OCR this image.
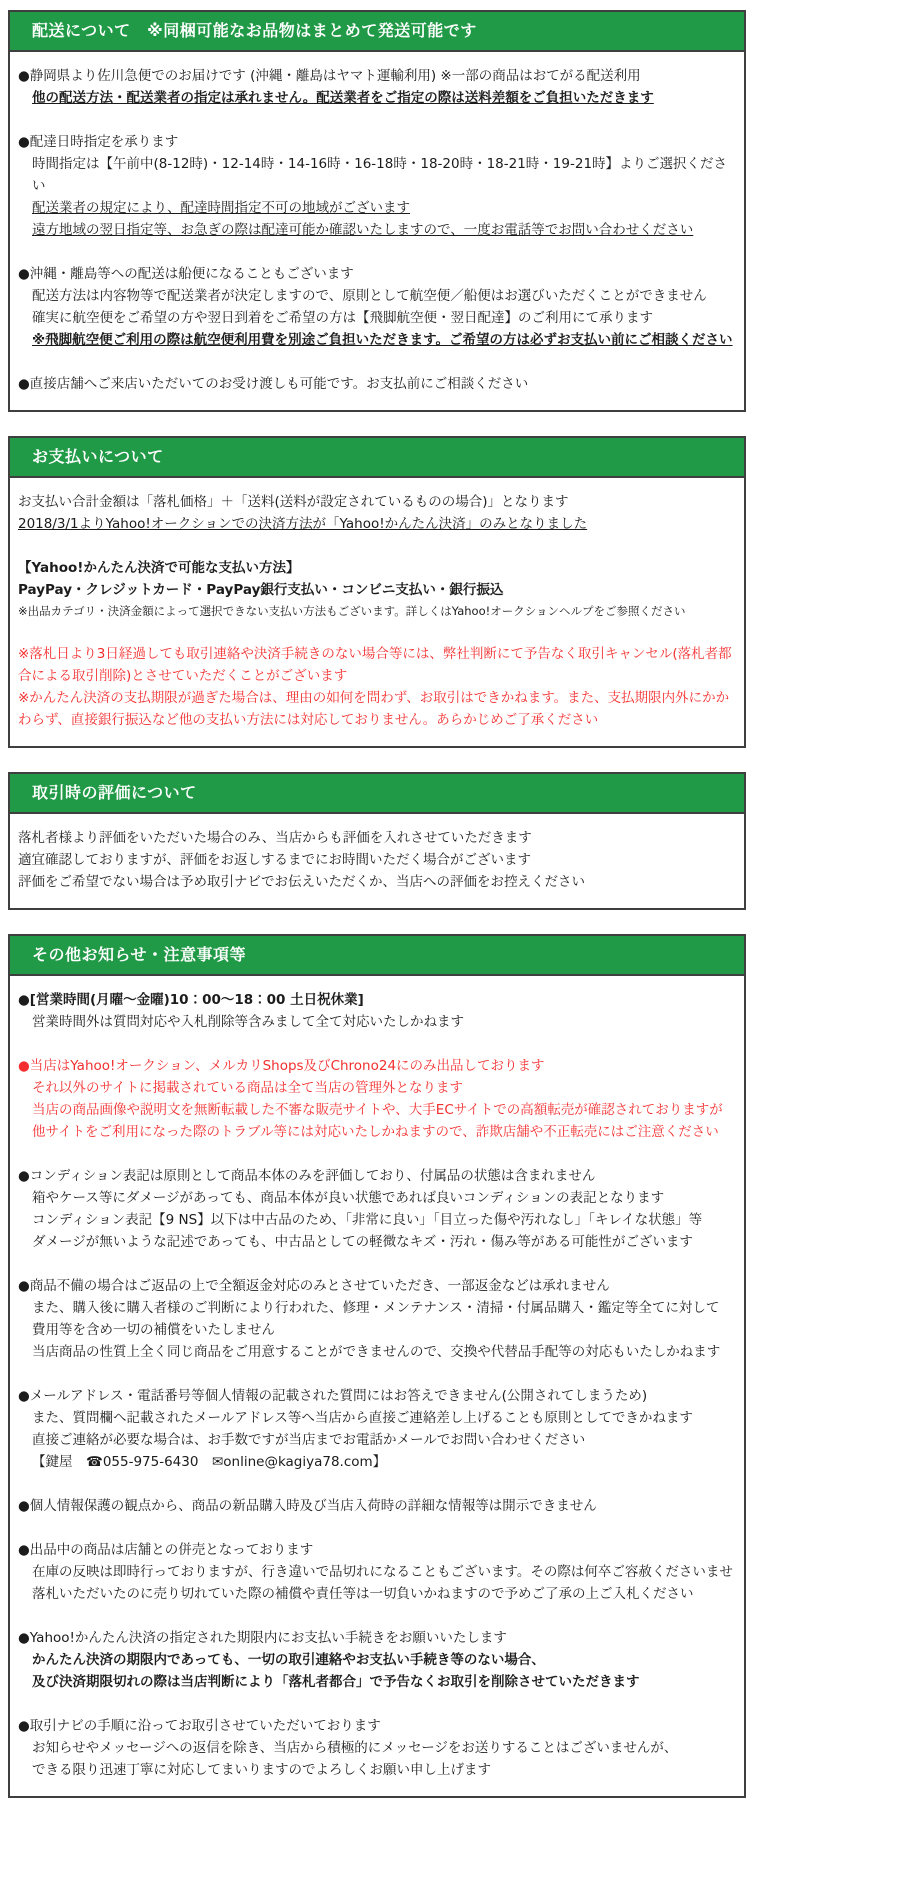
配送について　※同梱可能なお品物はまとめて発送可能です
●静岡県より佐川急便でのお届けです (沖縄・離島はヤマト運輸利用) ※一部の商品はおてがる配送利用
他の配送方法・配送業者の指定は承れません。配送業者をご指定の際は送料差額をご負担いただきます
●配達日時指定を承ります
時間指定は【午前中(8-12時)・12-14時・14-16時・16-18時・18-20時・18-21時・19-21時】よりご選択ください
配送業者の規定により、配達時間指定不可の地域がございます
遠方地域の翌日指定等、お急ぎの際は配達可能か確認いたしますので、一度お電話等でお問い合わせください
●沖縄・離島等への配送は船便になることもございます
配送方法は内容物等で配送業者が決定しますので、原則として航空便／船便はお選びいただくことができません
確実に航空便をご希望の方や翌日到着をご希望の方は【飛脚航空便・翌日配達】のご利用にて承ります
※飛脚航空便ご利用の際は航空便利用費を別途ご負担いただきます。ご希望の方は必ずお支払い前にご相談ください
●直接店舗へご来店いただいてのお受け渡しも可能です。お支払前にご相談ください
お支払いについて
お支払い合計金額は「落札価格」＋「送料(送料が設定されているものの場合)」となります
2018/3/1よりYahoo!オークションでの決済方法が「Yahoo!かんたん決済」のみとなりました
【Yahoo!かんたん決済で可能な支払い方法】
PayPay・クレジットカード・PayPay銀行支払い・コンビニ支払い・銀行振込
※出品カテゴリ・決済金額によって選択できない支払い方法もございます。詳しくはYahoo!オークションヘルプをご参照ください
※落札日より3日経過しても取引連絡や決済手続きのない場合等には、弊社判断にて予告なく取引キャンセル(落札者都合による取引削除)とさせていただくことがございます
※かんたん決済の支払期限が過ぎた場合は、理由の如何を問わず、お取引はできかねます。また、支払期限内外にかかわらず、直接銀行振込など他の支払い方法には対応しておりません。あらかじめご了承ください
取引時の評価について
落札者様より評価をいただいた場合のみ、当店からも評価を入れさせていただきます
適宜確認しておりますが、評価をお返しするまでにお時間いただく場合がございます
評価をご希望でない場合は予め取引ナビでお伝えいただくか、当店への評価をお控えください
その他お知らせ・注意事項等
●[営業時間(月曜～金曜)10：00～18：00 土日祝休業]
営業時間外は質問対応や入札削除等含みまして全て対応いたしかねます
●当店はYahoo!オークション、メルカリShops及びChrono24にのみ出品しております
それ以外のサイトに掲載されている商品は全て当店の管理外となります
当店の商品画像や説明文を無断転載した不審な販売サイトや、大手ECサイトでの高額転売が確認されておりますが
他サイトをご利用になった際のトラブル等には対応いたしかねますので、詐欺店舗や不正転売にはご注意ください
●コンディション表記は原則として商品本体のみを評価しており、付属品の状態は含まれません
箱やケース等にダメージがあっても、商品本体が良い状態であれば良いコンディションの表記となります
コンディション表記【9 NS】以下は中古品のため、「非常に良い」「目立った傷や汚れなし」「キレイな状態」等
ダメージが無いような記述であっても、中古品としての軽微なキズ・汚れ・傷み等がある可能性がございます
●商品不備の場合はご返品の上で全額返金対応のみとさせていただき、一部返金などは承れません
また、購入後に購入者様のご判断により行われた、修理・メンテナンス・清掃・付属品購入・鑑定等全てに対して
費用等を含め一切の補償をいたしません
当店商品の性質上全く同じ商品をご用意することができませんので、交換や代替品手配等の対応もいたしかねます
●メールアドレス・電話番号等個人情報の記載された質問にはお答えできません(公開されてしまうため)
また、質問欄へ記載されたメールアドレス等へ当店から直接ご連絡差し上げることも原則としてできかねます
直接ご連絡が必要な場合は、お手数ですが当店までお電話かメールでお問い合わせください
【鍵屋　☎055-975-6430　✉online@kagiya78.com】
●個人情報保護の観点から、商品の新品購入時及び当店入荷時の詳細な情報等は開示できません
●出品中の商品は店舗との併売となっております
在庫の反映は即時行っておりますが、行き違いで品切れになることもございます。その際は何卒ご容赦くださいませ
落札いただいたのに売り切れていた際の補償や責任等は一切負いかねますので予めご了承の上ご入札ください
●Yahoo!かんたん決済の指定された期限内にお支払い手続きをお願いいたします
かんたん決済の期限内であっても、一切の取引連絡やお支払い手続き等のない場合、
及び決済期限切れの際は当店判断により「落札者都合」で予告なくお取引を削除させていただきます
●取引ナビの手順に沿ってお取引させていただいております
お知らせやメッセージへの返信を除き、当店から積極的にメッセージをお送りすることはございませんが、
できる限り迅速丁寧に対応してまいりますのでよろしくお願い申し上げます
